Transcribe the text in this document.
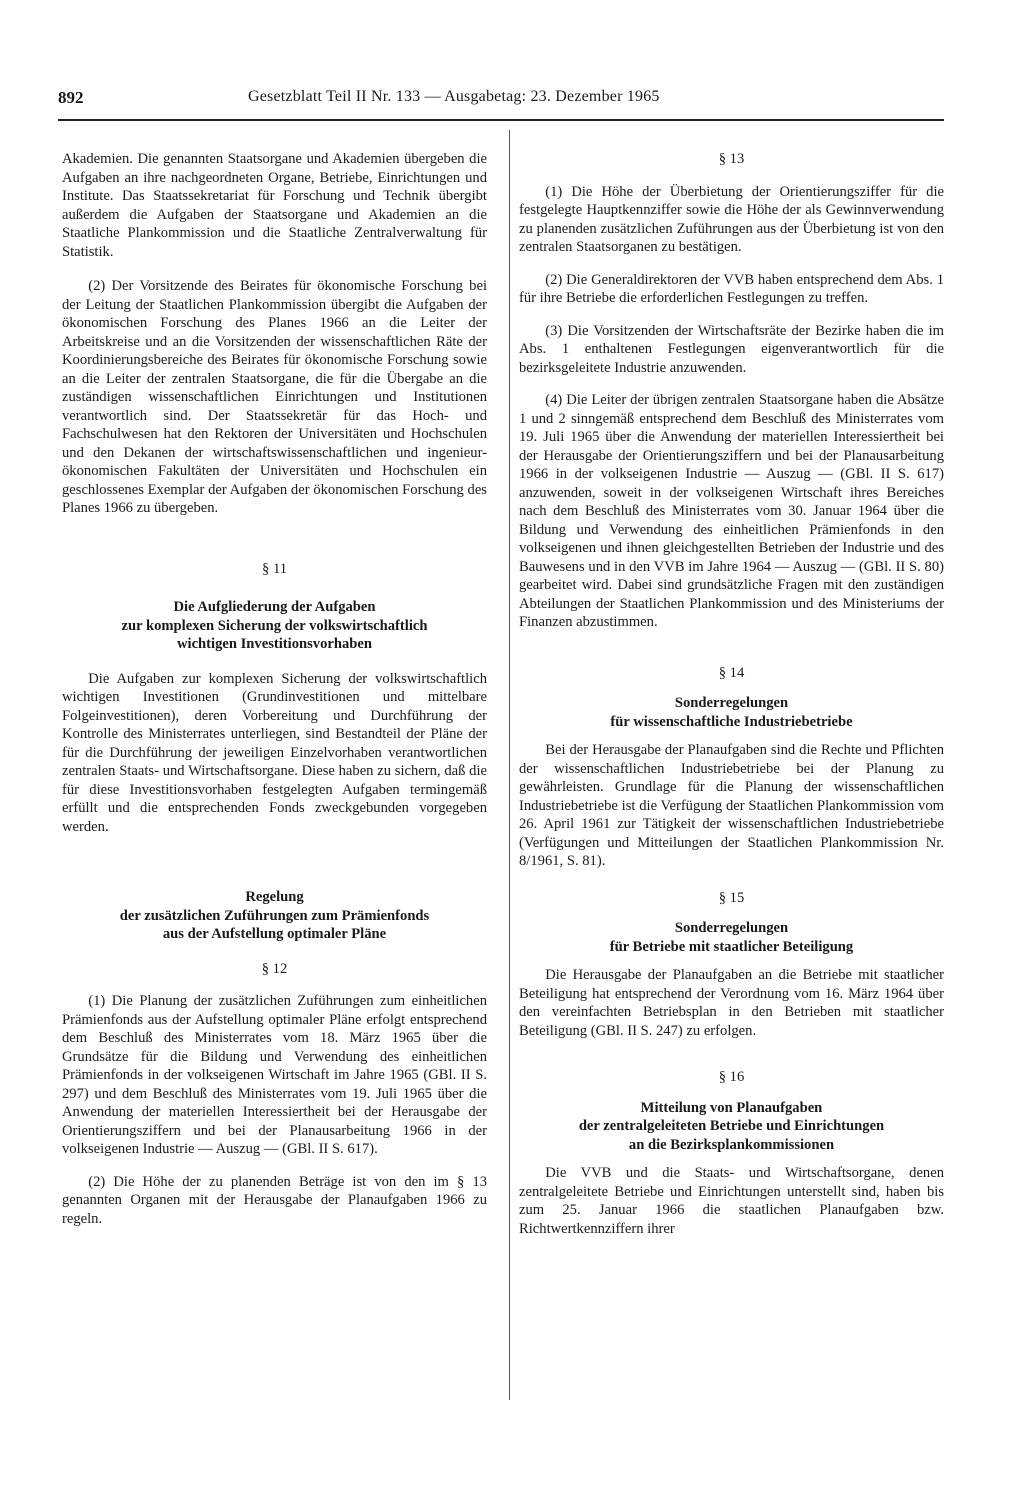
892	Gesetzblatt Teil II Nr. 133 — Ausgabetag: 23. Dezember 1965

Akademien. Die genannten Staatsorgane und Akademien übergeben die Aufgaben an ihre nachgeordneten Organe, Betriebe, Einrichtungen und Institute. Das Staatssekretariat für Forschung und Technik übergibt außerdem die Aufgaben der Staatsorgane und Akademien an die Staatliche Plankommission und die Staatliche Zentralverwaltung für Statistik.

(2) Der Vorsitzende des Beirates für ökonomische Forschung bei der Leitung der Staatlichen Plankommission übergibt die Aufgaben der ökonomischen Forschung des Planes 1966 an die Leiter der Arbeitskreise und an die Vorsitzenden der wissenschaftlichen Räte der Koordinierungsbereiche des Beirates für ökonomische Forschung sowie an die Leiter der zentralen Staatsorgane, die für die Übergabe an die zuständigen wissenschaftlichen Einrichtungen und Institutionen verantwortlich sind. Der Staatssekretär für das Hoch- und Fachschulwesen hat den Rektoren der Universitäten und Hochschulen und den Dekanen der wirtschaftswissenschaftlichen und ingenieur-ökonomischen Fakultäten der Universitäten und Hochschulen ein geschlossenes Exemplar der Aufgaben der ökonomischen Forschung des Planes 1966 zu übergeben.

§ 11

Die Aufgliederung der Aufgaben

zur komplexen Sicherung der volkswirtschaftlich

wichtigen Investitionsvorhaben

Die Aufgaben zur komplexen Sicherung der volkswirtschaftlich wichtigen Investitionen (Grundinvestitionen und mittelbare Folgeinvestitionen), deren Vorbereitung und Durchführung der Kontrolle des Ministerrates unterliegen, sind Bestandteil der Pläne der für die Durchführung der jeweiligen Einzelvorhaben verantwortlichen zentralen Staats- und Wirtschaftsorgane. Diese haben zu sichern, daß die für diese Investitionsvorhaben festgelegten Aufgaben termingemäß erfüllt und die entsprechenden Fonds zweckgebunden vorgegeben werden.

Regelung

der zusätzlichen Zuführungen zum Prämienfonds

aus der Aufstellung optimaler Pläne

§ 12

(1) Die Planung der zusätzlichen Zuführungen zum einheitlichen Prämienfonds aus der Aufstellung optimaler Pläne erfolgt entsprechend dem Beschluß des Ministerrates vom 18. März 1965 über die Grundsätze für die Bildung und Verwendung des einheitlichen Prämienfonds in der volkseigenen Wirtschaft im Jahre 1965 (GBl. II S. 297) und dem Beschluß des Ministerrates vom 19. Juli 1965 über die Anwendung der materiellen Interessiertheit bei der Herausgabe der Orientierungsziffern und bei der Planausarbeitung 1966 in der volkseigenen Industrie — Auszug — (GBl. II S. 617).

(2) Die Höhe der zu planenden Beträge ist von den im § 13 genannten Organen mit der Herausgabe der Planaufgaben 1966 zu regeln.

§ 13

(1) Die Höhe der Überbietung der Orientierungsziffer für die festgelegte Hauptkennziffer sowie die Höhe der als Gewinnverwendung zu planenden zusätzlichen Zuführungen aus der Überbietung ist von den zentralen Staatsorganen zu bestätigen.

(2) Die Generaldirektoren der VVB haben entsprechend dem Abs. 1 für ihre Betriebe die erforderlichen Festlegungen zu treffen.

(3) Die Vorsitzenden der Wirtschaftsräte der Bezirke haben die im Abs. 1 enthaltenen Festlegungen eigenverantwortlich für die bezirksgeleitete Industrie anzuwenden.

(4) Die Leiter der übrigen zentralen Staatsorgane haben die Absätze 1 und 2 sinngemäß entsprechend dem Beschluß des Ministerrates vom 19. Juli 1965 über die Anwendung der materiellen Interessiertheit bei der Herausgabe der Orientierungsziffern und bei der Planausarbeitung 1966 in der volkseigenen Industrie — Auszug — (GBl. II S. 617) anzuwenden, soweit in der volkseigenen Wirtschaft ihres Bereiches nach dem Beschluß des Ministerrates vom 30. Januar 1964 über die Bildung und Verwendung des einheitlichen Prämienfonds in den volkseigenen und ihnen gleichgestellten Betrieben der Industrie und des Bauwesens und in den VVB im Jahre 1964 — Auszug — (GBl. II S. 80) gearbeitet wird. Dabei sind grundsätzliche Fragen mit den zuständigen Abteilungen der Staatlichen Plankommission und des Ministeriums der Finanzen abzustimmen.

§ 14

Sonderregelungen

für wissenschaftliche Industriebetriebe

Bei der Herausgabe der Planaufgaben sind die Rechte und Pflichten der wissenschaftlichen Industriebetriebe bei der Planung zu gewährleisten. Grundlage für die Planung der wissenschaftlichen Industriebetriebe ist die Verfügung der Staatlichen Plankommission vom 26. April 1961 zur Tätigkeit der wissenschaftlichen Industriebetriebe (Verfügungen und Mitteilungen der Staatlichen Plankommission Nr. 8/1961, S. 81).

§ 15

Sonderregelungen

für Betriebe mit staatlicher Beteiligung

Die Herausgabe der Planaufgaben an die Betriebe mit staatlicher Beteiligung hat entsprechend der Verordnung vom 16. März 1964 über den vereinfachten Betriebsplan in den Betrieben mit staatlicher Beteiligung (GBl. II S. 247) zu erfolgen.

§ 16

Mitteilung von Planaufgaben

der zentralgeleiteten Betriebe und Einrichtungen

an die Bezirksplankommissionen

Die VVB und die Staats- und Wirtschaftsorgane, denen zentralgeleitete Betriebe und Einrichtungen unterstellt sind, haben bis zum 25. Januar 1966 die staatlichen Planaufgaben bzw. Richtwertkennziffern ihrer
